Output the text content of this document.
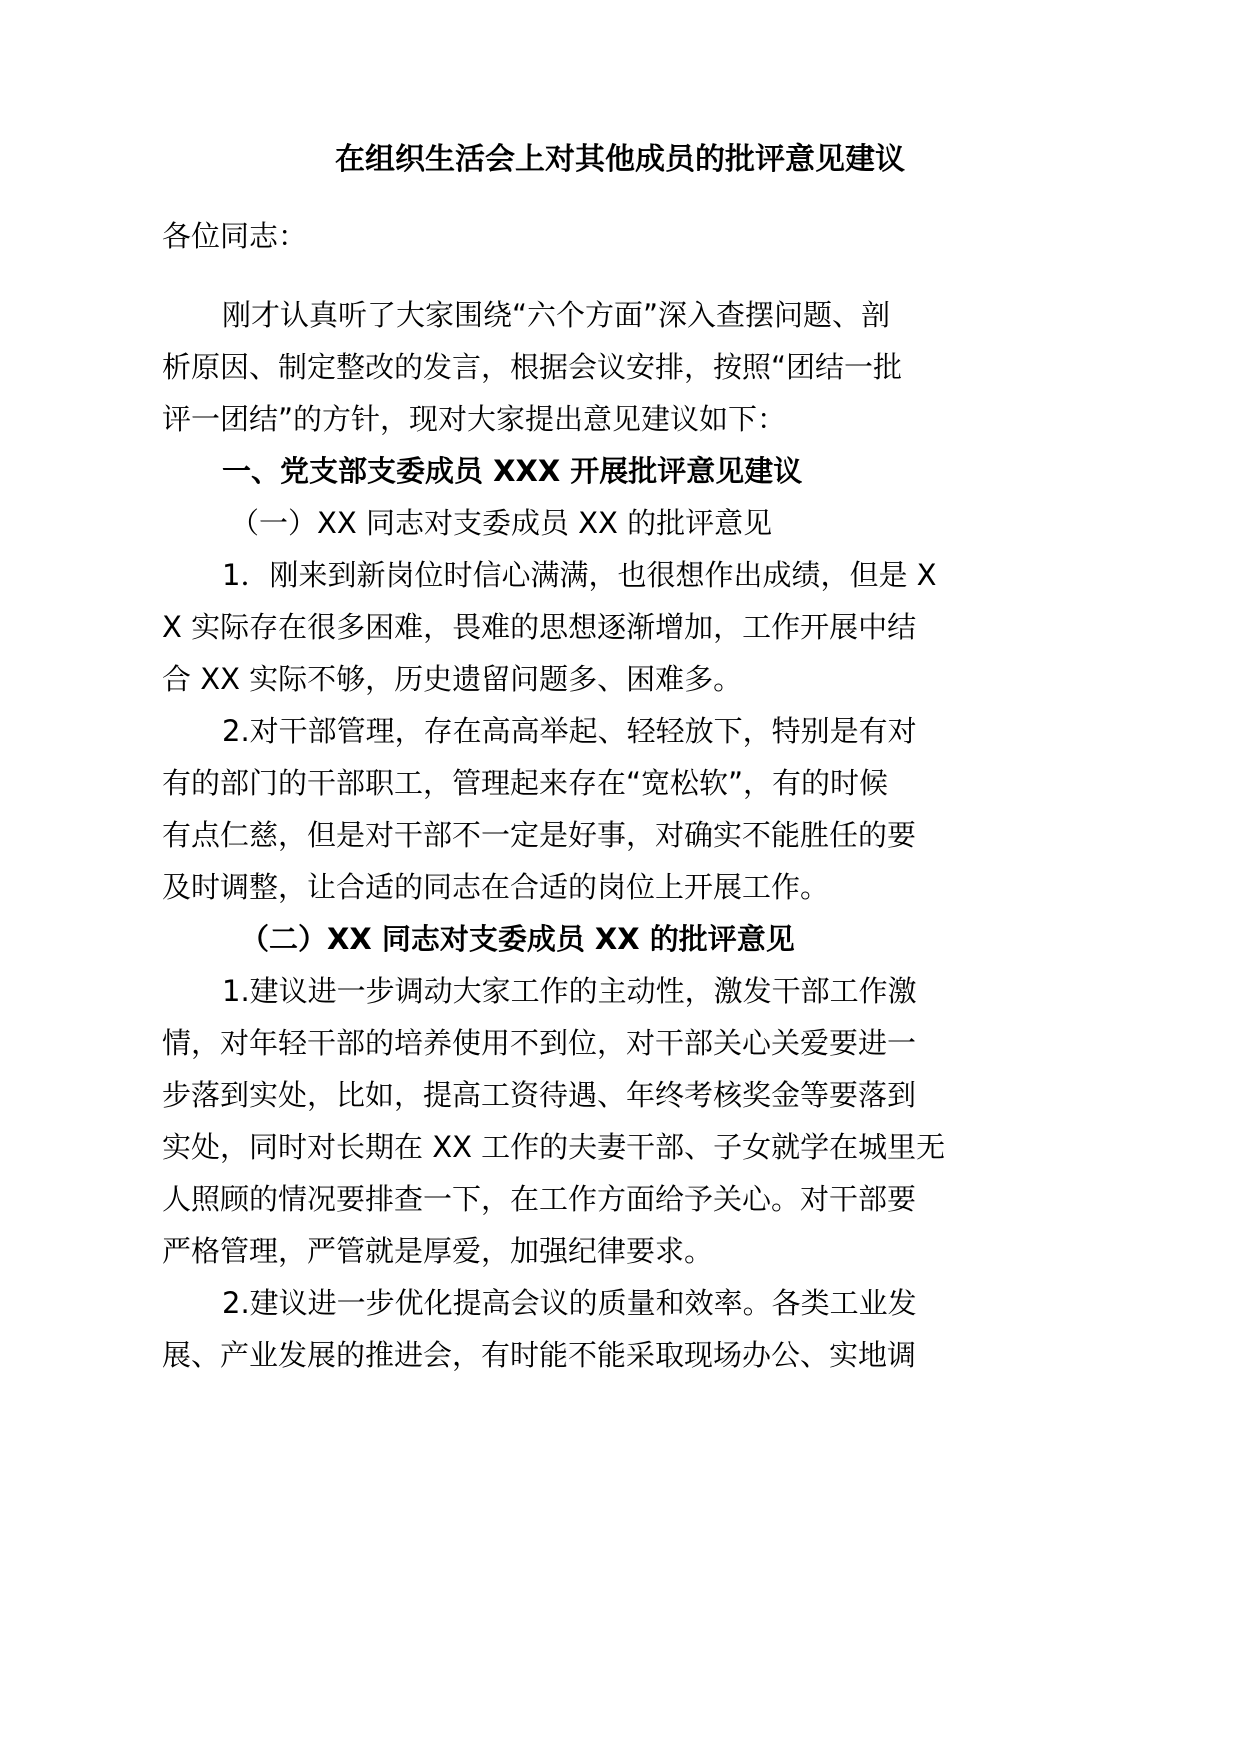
在组织生活会上对其他成员的批评意见建议
各位同志：
刚才认真听了大家围绕“六个方面”深入查摆问题、剖
析原因、制定整改的发言，根据会议安排，按照“团结一批
评一团结”的方针，现对大家提出意见建议如下：
一、党支部支委成员 XXX 开展批评意见建议
（一）XX 同志对支委成员 XX 的批评意见
1．刚来到新岗位时信心满满，也很想作出成绩，但是 X
X 实际存在很多困难，畏难的思想逐渐增加，工作开展中结
合 XX 实际不够，历史遗留问题多、困难多。
2.对干部管理，存在高高举起、轻轻放下，特别是有对
有的部门的干部职工，管理起来存在“宽松软”，有的时候
有点仁慈，但是对干部不一定是好事，对确实不能胜任的要
及时调整，让合适的同志在合适的岗位上开展工作。
（二）XX 同志对支委成员 XX 的批评意见
1.建议进一步调动大家工作的主动性，激发干部工作激
情，对年轻干部的培养使用不到位，对干部关心关爱要进一
步落到实处，比如，提高工资待遇、年终考核奖金等要落到
实处，同时对长期在 XX 工作的夫妻干部、子女就学在城里无
人照顾的情况要排查一下，在工作方面给予关心。对干部要
严格管理，严管就是厚爱，加强纪律要求。
2.建议进一步优化提高会议的质量和效率。各类工业发
展、产业发展的推进会，有时能不能采取现场办公、实地调
